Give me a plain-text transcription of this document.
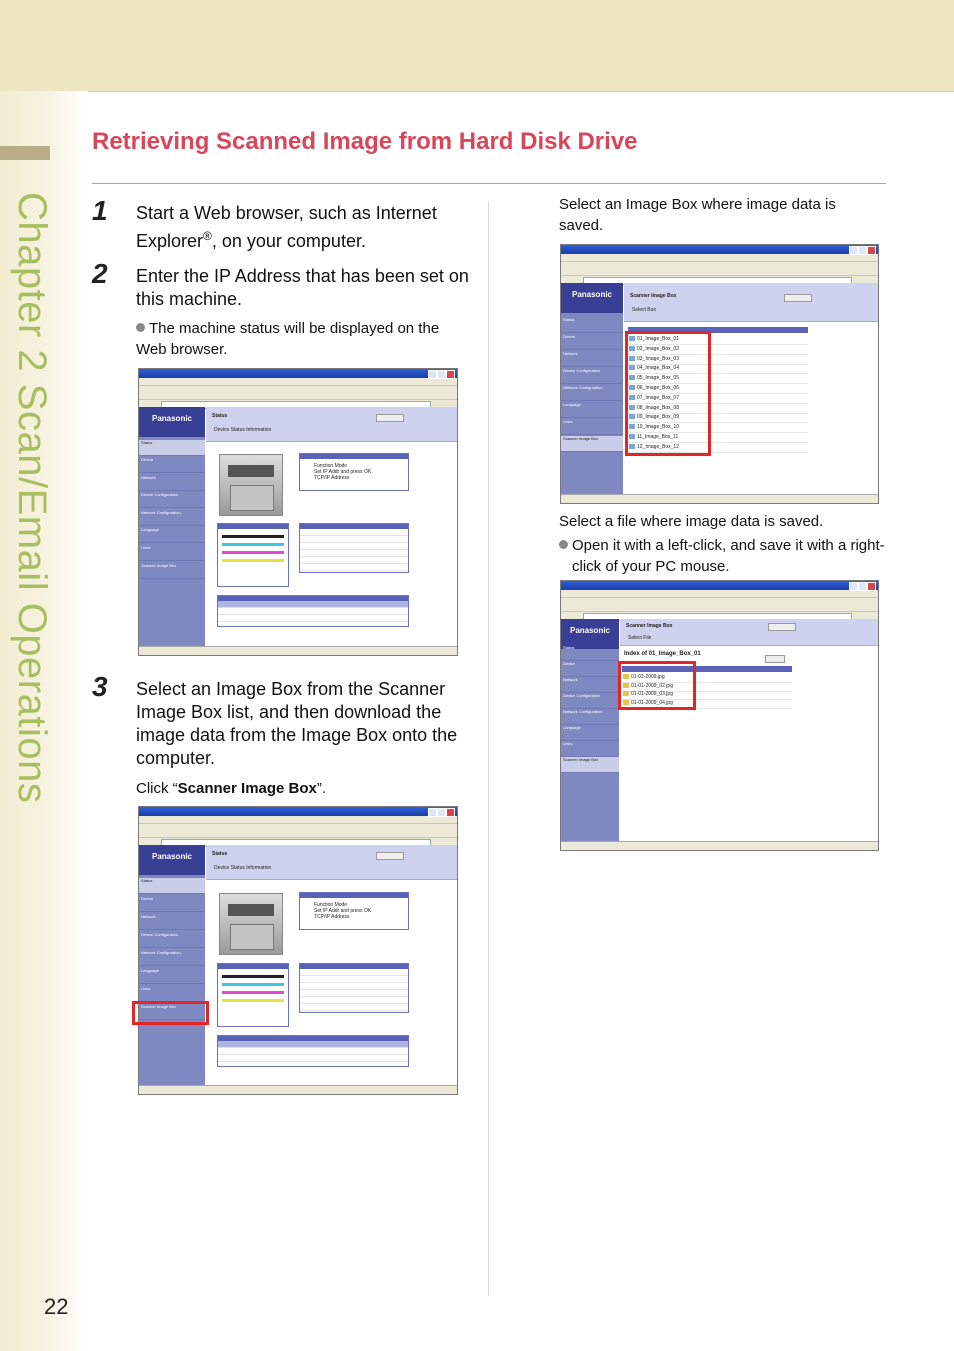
Chapter 2 Scan/Email Operations
22
Retrieving Scanned Image from Hard Disk Drive
1 Start a Web browser, such as Internet Explorer®, on your computer.
2 Enter the IP Address that has been set on this machine.
The machine status will be displayed on the Web browser.
Panasonic
Status
Device
Network
Device Configuration
Network Configuration
Language
Links
Scanner Image Box
Status
Device Status Information
Function Mode
Set IP Addr and press OK
TCP/IP Address
3 Select an Image Box from the Scanner Image Box list, and then download the image data from the Image Box onto the computer.
Click “Scanner Image Box”.
Panasonic
Status
Device
Network
Device Configuration
Network Configuration
Language
Links
Scanner Image Box
Status
Device Status Information
Function Mode
Set IP Addr and press OK
TCP/IP Address
Select an Image Box where image data is saved.
Panasonic
Status
Device
Network
Device Configuration
Network Configuration
Language
Links
Scanner Image Box
Scanner Image Box
Select Box
01_Image_Box_01
02_Image_Box_02
03_Image_Box_03
04_Image_Box_04
05_Image_Box_05
06_Image_Box_06
07_Image_Box_07
08_Image_Box_08
09_Image_Box_09
10_Image_Box_10
11_Image_Box_11
12_Image_Box_12
Select a file where image data is saved.
Open it with a left-click, and save it with a right-click of your PC mouse.
Panasonic
Status
Device
Network
Device Configuration
Network Configuration
Language
Links
Scanner Image Box
Scanner Image Box
Select File
Index of 01_Image_Box_01
01-01-2009.jpg
01-01-2009_02.jpg
01-01-2009_03.jpg
01-01-2009_04.jpg
